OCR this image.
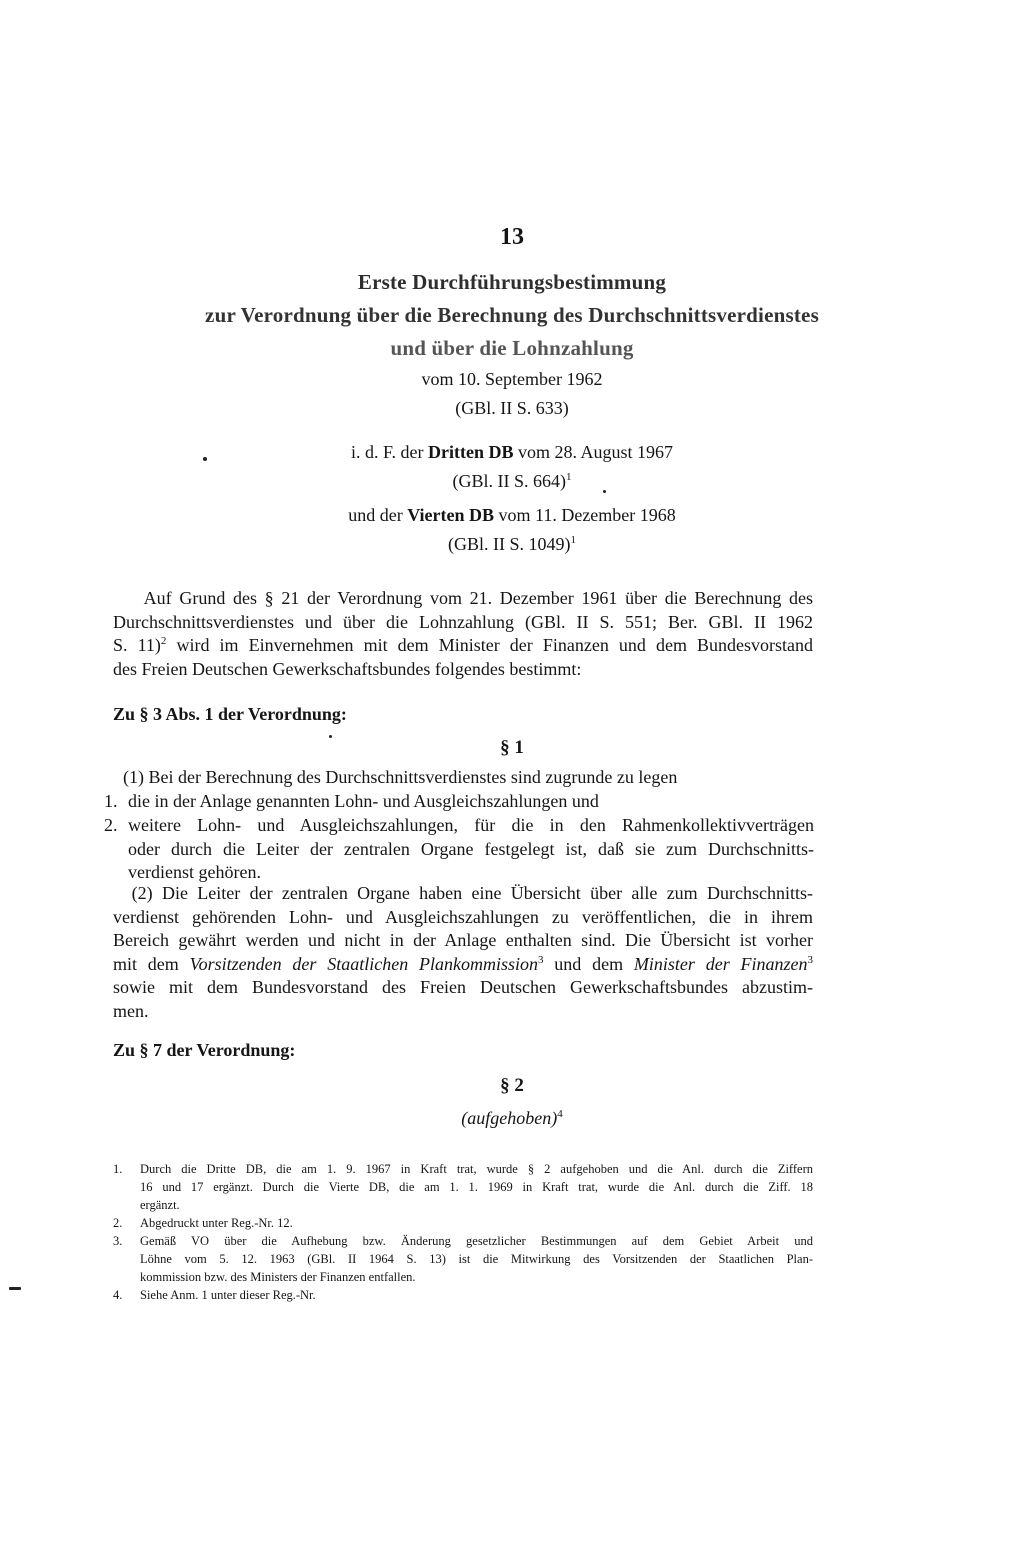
13
Erste Durchführungsbestimmung
zur Verordnung über die Berechnung des Durchschnittsverdienstes
und über die Lohnzahlung
vom 10. September 1962
(GBl. II S. 633)
i. d. F. der Dritten DB vom 28. August 1967
(GBl. II S. 664)$^1$
und der Vierten DB vom 11. Dezember 1968
(GBl. II S. 1049)$^1$
Auf Grund des § 21 der Verordnung vom 21. Dezember 1961 über die Berechnung des
Durchschnittsverdienstes und über die Lohnzahlung (GBl. II S. 551; Ber. GBl. II 1962
S. 11)$^2$ wird im Einvernehmen mit dem Minister der Finanzen und dem Bundesvorstand
des Freien Deutschen Gewerkschaftsbundes folgendes bestimmt:
Zu § 3 Abs. 1 der Verordnung:
§ 1
(1) Bei der Berechnung des Durchschnittsverdienstes sind zugrunde zu legen
1. die in der Anlage genannten Lohn- und Ausgleichszahlungen und
2. weitere Lohn- und Ausgleichszahlungen, für die in den Rahmenkollektivverträgen
oder durch die Leiter der zentralen Organe festgelegt ist, daß sie zum Durchschnitts-
verdienst gehören.
(2) Die Leiter der zentralen Organe haben eine Übersicht über alle zum Durchschnitts-
verdienst gehörenden Lohn- und Ausgleichszahlungen zu veröffentlichen, die in ihrem
Bereich gewährt werden und nicht in der Anlage enthalten sind. Die Übersicht ist vorher
mit dem Vorsitzenden der Staatlichen Plankommission$^3$ und dem Minister der Finanzen$^3$
sowie mit dem Bundesvorstand des Freien Deutschen Gewerkschaftsbundes abzustim-
men.
Zu § 7 der Verordnung:
§ 2
(aufgehoben)$^4$
1. Durch die Dritte DB, die am 1. 9. 1967 in Kraft trat, wurde § 2 aufgehoben und die Anl. durch die Ziffern
16 und 17 ergänzt. Durch die Vierte DB, die am 1. 1. 1969 in Kraft trat, wurde die Anl. durch die Ziff. 18
ergänzt.
2. Abgedruckt unter Reg.-Nr. 12.
3. Gemäß VO über die Aufhebung bzw. Änderung gesetzlicher Bestimmungen auf dem Gebiet Arbeit und
Löhne vom 5. 12. 1963 (GBl. II 1964 S. 13) ist die Mitwirkung des Vorsitzenden der Staatlichen Plan-
kommission bzw. des Ministers der Finanzen entfallen.
4. Siehe Anm. 1 unter dieser Reg.-Nr.
